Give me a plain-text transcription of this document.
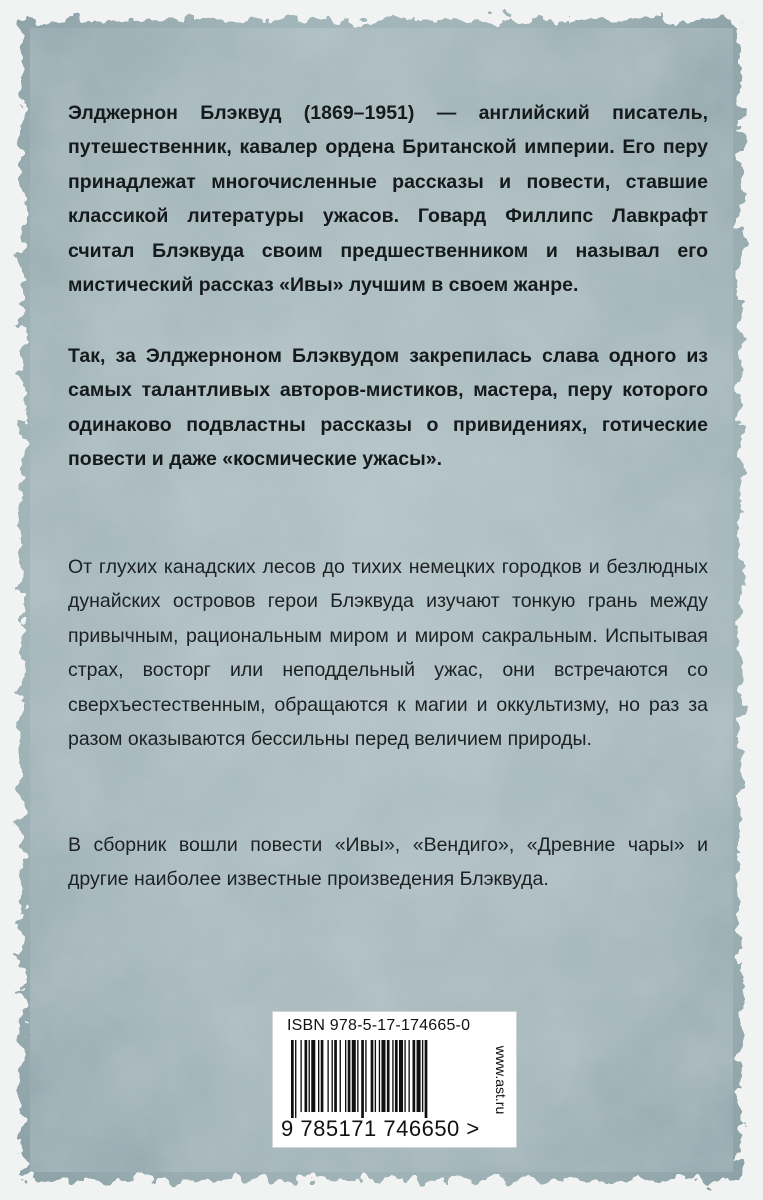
Элджернон Блэквуд (1869–1951) — английский писатель, путешественник, кавалер ордена Британской империи. Его перу принадлежат многочисленные рассказы и повести, ставшие классикой литературы ужасов. Говард Филлипс Лавкрафт считал Блэквуда своим предшественником и называл его мистический рассказ «Ивы» лучшим в своем жанре.

Так, за Элджерноном Блэквудом закрепилась слава одного из самых талантливых авторов-мистиков, мастера, перу которого одинаково подвластны рассказы о привидениях, готические повести и даже «космические ужасы».

От глухих канадских лесов до тихих немецких городков и безлюдных дунайских островов герои Блэквуда изучают тонкую грань между привычным, рациональным миром и миром сакральным. Испытывая страх, восторг или неподдельный ужас, они встречаются со сверхъестественным, обращаются к магии и оккультизму, но раз за разом оказываются бессильны перед величием природы.

В сборник вошли повести «Ивы», «Вендиго», «Древние чары» и другие наиболее известные произведения Блэквуда.

ISBN 978-5-17-174665-0
9 785171 746650 >
www.ast.ru
